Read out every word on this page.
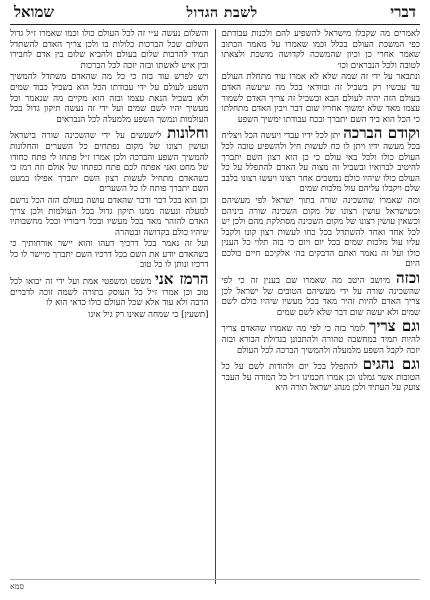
דברי
לשבת הגדול
שמואל

לאמרים מה שקבלו מישראל להשפיע להם ולכנות עבודתם כפי המשכת העולם בכלל וכמו שאמרו על מאמר הכתוב שאמר אחרי כן וכיון שהמשכה לקדושה מושכת ולצאתו לטובה ולכל הנבראים וכו׳

ונתבאר על ידי זה שמה שלא לא אמרו עוד מתחלת העולם עד עכשיו רק בשביל זה ובוודאי בכל מה שיעשה האדם בעולם הזה יהיה לעולם הבא ובשביל זה צריך האדם לשמור עצמו מאד שלא ימשוך אחריו שום דבר ויבין האדם מתחלתו כי הכל הוא ביד השם יתברך ובכח עבודתו ימשיך השפע

וקודם הברכה יתן לכל ידיו עבדי ויעשה הכל ויצליח בכל מעשה ידיו ויתן לו כח לעשות חיל ולהשפיע טובה לכל העולם כולו ולכל באי עולם כי כן הוא רצון השם יתברך להיטיב לברואיו ובשביל זה מצוה על האדם להתפלל על כל העולם כולו שיהיו כולם נמשכים אחר רצונו ויעשו רצונו בלבב שלם ויקבלו עליהם עול מלכות שמים

ומה שאמרו שהשכינה שורה בתוך ישראל לפי מעשיהם וכשישראל עושין רצונו של מקום השכינה שורה ביניהם וכשאין עושין רצונו של מקום השכינה מסתלקת מהם ולכן יש לכל אחד ואחד להשתדל בכל כחו לעשות רצון קונו ולקבל עליו עול מלכות שמים בכל יום ויום כי בזה תלוי כל הענין כולו ועל זה נאמר ואתם הדבקים בה׳ אלקיכם חיים כולכם היום

וכזה מיושב היטב מה שאמרו שם בענין זה כי לפי שהשכינה שורה על ידי מעשיהם הטובים של ישראל לכן צריך האדם להיות זהיר מאד בכל מעשיו שיהיו כולם לשם שמים ולא יעשה שום דבר שלא לשם שמים

וגם צריך לומר בזה כי לפי מה שאמרו שהאדם צריך להיות תמיד במחשבה טהורה ולהתבונן בגדולת הבורא ובזה יזכה לקבל השפע מלמעלה ולהמשיך הברכה לכל העולם

וגם נהגים להתפלל בכל יום ולהודות לשם על כל הטובות אשר גמלנו וכן אמרו חכמינו ז״ל כל המודה על העבר צועק על העתיד ולכן מנהג ישראל תורה היא

והשלום נעשה ע״י זה לכל העולם כולו וכמו שאמרו ז״ל גדול השלום שכל הברכות כלולות בו ולכן צריך האדם להשתדל תמיד להרבות שלום בעולם ולהביא שלום בין אדם לחבירו ובין איש לאשתו ובזה יזכה לכל הברכות

ויש לפרש עוד בזה כי כל מה שהאדם משתדל להמשיך השפע לעולם על ידי עבודתו הכל הוא בשביל כבוד שמים ולא בשביל הנאת עצמו ובזה הוא מקיים מה שנאמר וכל מעשיך יהיו לשם שמים ועל ידי זה נעשה תיקון גדול בכל העולמות ונמשך השפע מלמעלה לכל הנבראים

וחלונות לישעשים על ידי שהשכינה שורה בישראל ועושין רצונו של מקום נפתחים כל השערים והחלונות להמשיך השפע והברכה ולכן אמרו ז״ל פתחו לי פתח כחודו של מחט ואני אפתח לכם פתח כפתחו של אולם וזה רמז כי כשהאדם מתחיל לעשות רצון השם יתברך אפילו במעט השם יתברך פותח לו כל השערים

וכן הוא בכל דבר ודבר שהאדם עושה בעולם הזה הכל נרשם למעלה ונעשה ממנו תיקון גדול בכל העולמות ולכן צריך האדם להזהר מאד בכל מעשיו ובכל דיבוריו ובכל מחשבותיו שיהיו כולם בקדושה ובטהרה

ועל זה נאמר בכל דרכיך דעהו והוא יישר אורחותיך כי כשהאדם יודע את השם בכל דרכיו השם יתברך מיישר לו כל דרכיו ונותן לו כל טוב

הרמז אני משפט ומשפטי אמת ועל ידי זה יבואו לכל טוב וכן אמרו ז״ל כל העוסק בתורה לשמה זוכה לדברים הרבה ולא עוד אלא שכל העולם כולו כדאי הוא לו

[תשעין] כי שמחה שאינו רק גיל אינו

סמא
